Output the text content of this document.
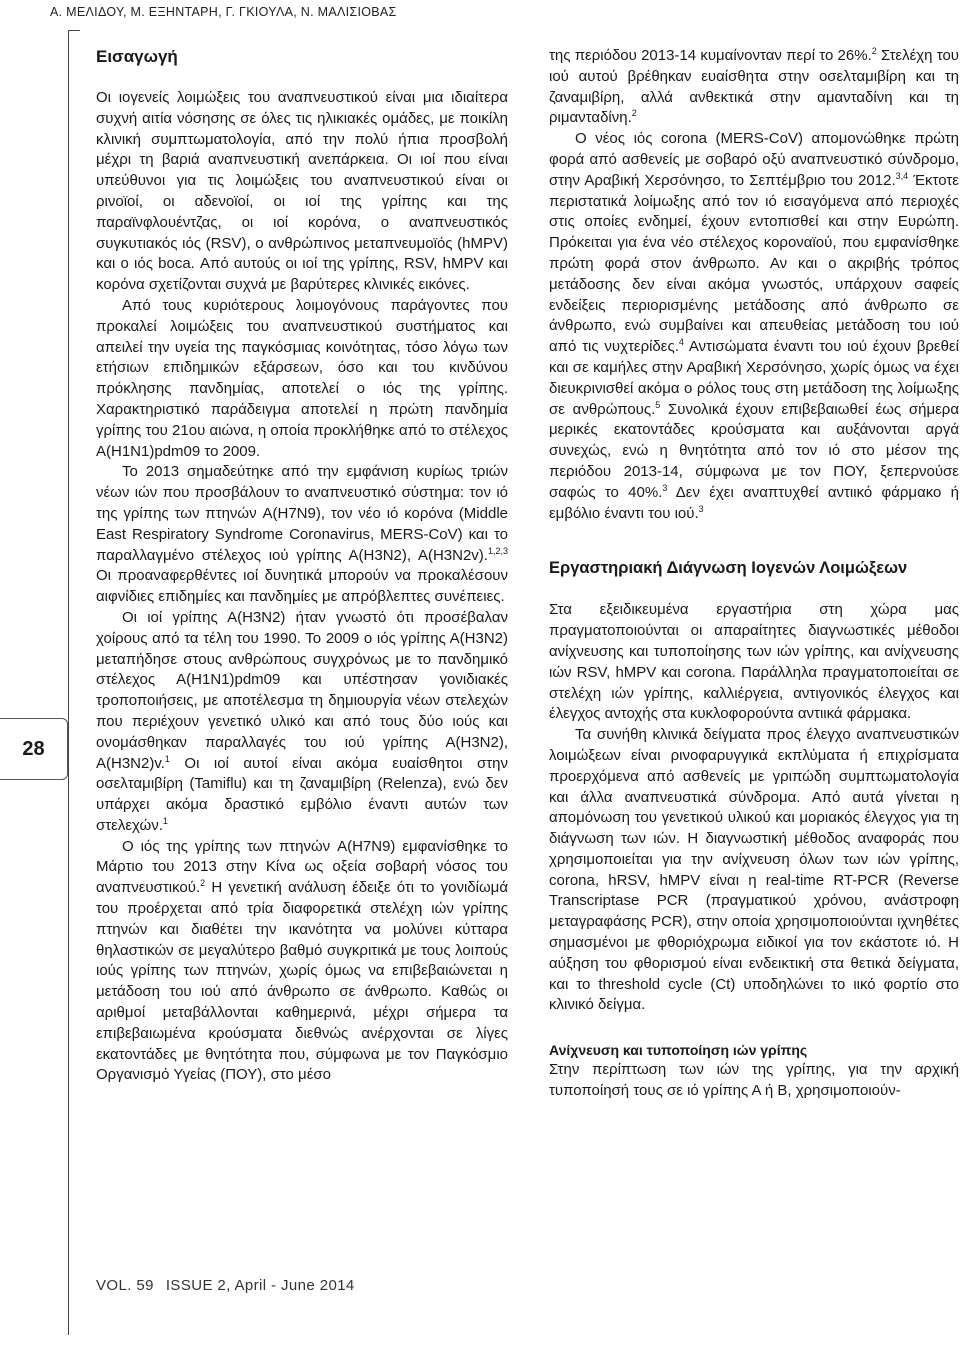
Α. ΜΕΛΙΔΟΥ, Μ. ΕΞΗΝΤΑΡΗ, Γ. ΓΚΙΟΥΛΑ, Ν. ΜΑΛΙΣΙΟΒΑΣ
28
Εισαγωγή

Οι ιογενείς λοιμώξεις του αναπνευστικού είναι μια ιδιαίτερα συχνή αιτία νόσησης σε όλες τις ηλικιακές ομάδες, με ποικίλη κλινική συμπτωματολογία, από την πολύ ήπια προσβολή μέχρι τη βαριά αναπνευστική ανεπάρκεια. Οι ιοί που είναι υπεύθυνοι για τις λοιμώξεις του αναπνευστικού είναι οι ρινοϊοί, οι αδενοϊοί, οι ιοί της γρίπης και της παραϊνφλουέντζας, οι ιοί κορόνα, ο αναπνευστικός συγκυτιακός ιός (RSV), ο ανθρώπινος μεταπνευμοϊός (hMPV) και ο ιός boca. Από αυτούς οι ιοί της γρίπης, RSV, hMPV και κορόνα σχετίζονται συχνά με βαρύτερες κλινικές εικόνες.

Από τους κυριότερους λοιμογόνους παράγοντες που προκαλεί λοιμώξεις του αναπνευστικού συστήματος και απειλεί την υγεία της παγκόσμιας κοινότητας, τόσο λόγω των ετήσιων επιδημικών εξάρσεων, όσο και του κινδύνου πρόκλησης πανδημίας, αποτελεί ο ιός της γρίπης. Χαρακτηριστικό παράδειγμα αποτελεί η πρώτη πανδημία γρίπης του 21ου αιώνα, η οποία προκλήθηκε από το στέλεχος Α(H1N1)pdm09 το 2009.

Το 2013 σημαδεύτηκε από την εμφάνιση κυρίως τριών νέων ιών που προσβάλουν το αναπνευστικό σύστημα: τον ιό της γρίπης των πτηνών A(H7N9), τον νέο ιό κορόνα (Middle East Respiratory Syndrome Coronavirus, MERS-CoV) και το παραλλαγμένο στέλεχος ιού γρίπης Α(Η3Ν2), Α(Η3Ν2v).$^{1,2,3}$ Οι προαναφερθέντες ιοί δυνητικά μπορούν να προκαλέσουν αιφνίδιες επιδημίες και πανδημίες με απρόβλεπτες συνέπειες.

Οι ιοί γρίπης Α(Η3Ν2) ήταν γνωστό ότι προσέβαλαν χοίρους από τα τέλη του 1990. Το 2009 ο ιός γρίπης Α(Η3Ν2) μεταπήδησε στους ανθρώπους συγχρόνως με το πανδημικό στέλεχος Α(Η1Ν1)pdm09 και υπέστησαν γονιδιακές τροποποιήσεις, με αποτέλεσμα τη δημιουργία νέων στελεχών που περιέχουν γενετικό υλικό και από τους δύο ιούς και ονομάσθηκαν παραλλαγές του ιού γρίπης Α(Η3Ν2), Α(Η3Ν2)v.$^1$ Οι ιοί αυτοί είναι ακόμα ευαίσθητοι στην οσελταμιβίρη (Tamiflu) και τη ζαναμιβίρη (Relenza), ενώ δεν υπάρχει ακόμα δραστικό εμβόλιο έναντι αυτών των στελεχών.$^1$

Ο ιός της γρίπης των πτηνών A(H7N9) εμφανίσθηκε το Μάρτιο του 2013 στην Κίνα ως οξεία σοβαρή νόσος του αναπνευστικού.$^2$ Η γενετική ανάλυση έδειξε ότι το γονιδίωμά του προέρχεται από τρία διαφορετικά στελέχη ιών γρίπης πτηνών και διαθέτει την ικανότητα να μολύνει κύτταρα θηλαστικών σε μεγαλύτερο βαθμό συγκριτικά με τους λοιπούς ιούς γρίπης των πτηνών, χωρίς όμως να επιβεβαιώνεται η μετάδοση του ιού από άνθρωπο σε άνθρωπο. Καθώς οι αριθμοί μεταβάλλονται καθημερινά, μέχρι σήμερα τα επιβεβαιωμένα κρούσματα διεθνώς ανέρχονται σε λίγες εκατοντάδες με θνητότητα που, σύμφωνα με τον Παγκόσμιο Οργανισμό Υγείας (ΠΟΥ), στο μέσο

της περιόδου 2013-14 κυμαίνονταν περί το 26%.$^2$ Στελέχη του ιού αυτού βρέθηκαν ευαίσθητα στην οσελταμιβίρη και τη ζαναμιβίρη, αλλά ανθεκτικά στην αμανταδίνη και τη ριμανταδίνη.$^2$

Ο νέος ιός corona (MERS-CoV) απομονώθηκε πρώτη φορά από ασθενείς με σοβαρό οξύ αναπνευστικό σύνδρομο, στην Αραβική Χερσόνησο, το Σεπτέμβριο του 2012.$^{3,4}$ Έκτοτε περιστατικά λοίμωξης από τον ιό εισαγόμενα από περιοχές στις οποίες ενδημεί, έχουν εντοπισθεί και στην Ευρώπη. Πρόκειται για ένα νέο στέλεχος κοροναϊού, που εμφανίσθηκε πρώτη φορά στον άνθρωπο. Αν και ο ακριβής τρόπος μετάδοσης δεν είναι ακόμα γνωστός, υπάρχουν σαφείς ενδείξεις περιορισμένης μετάδοσης από άνθρωπο σε άνθρωπο, ενώ συμβαίνει και απευθείας μετάδοση του ιού από τις νυχτερίδες.$^4$ Αντισώματα έναντι του ιού έχουν βρεθεί και σε καμήλες στην Αραβική Χερσόνησο, χωρίς όμως να έχει διευκρινισθεί ακόμα ο ρόλος τους στη μετάδοση της λοίμωξης σε ανθρώπους.$^5$ Συνολικά έχουν επιβεβαιωθεί έως σήμερα μερικές εκατοντάδες κρούσματα και αυξάνονται αργά συνεχώς, ενώ η θνητότητα από τον ιό στο μέσον της περιόδου 2013-14, σύμφωνα με τον ΠΟΥ, ξεπερνούσε σαφώς το 40%.$^3$ Δεν έχει αναπτυχθεί αντιικό φάρμακο ή εμβόλιο έναντι του ιού.$^3$

Εργαστηριακή Διάγνωση Ιογενών Λοιμώξεων

Στα εξειδικευμένα εργαστήρια στη χώρα μας πραγματοποιούνται οι απαραίτητες διαγνωστικές μέθοδοι ανίχνευσης και τυποποίησης των ιών γρίπης, και ανίχνευσης ιών RSV, hMPV και corona. Παράλληλα πραγματοποιείται σε στελέχη ιών γρίπης, καλλιέργεια, αντιγονικός έλεγχος και έλεγχος αντοχής στα κυκλοφορούντα αντιικά φάρμακα.

Τα συνήθη κλινικά δείγματα προς έλεγχο αναπνευστικών λοιμώξεων είναι ρινοφαρυγγικά εκπλύματα ή επιχρίσματα προερχόμενα από ασθενείς με γριπώδη συμπτωματολογία και άλλα αναπνευστικά σύνδρομα. Από αυτά γίνεται η απομόνωση του γενετικού υλικού και μοριακός έλεγχος για τη διάγνωση των ιών. Η διαγνωστική μέθοδος αναφοράς που χρησιμοποιείται για την ανίχνευση όλων των ιών γρίπης, corona, hRSV, hMPV είναι η real-time RT-PCR (Reverse Transcriptase PCR (πραγματικού χρόνου, ανάστροφη μεταγραφάσης PCR), στην οποία χρησιμοποιούνται ιχνηθέτες σημασμένοι με φθοριόχρωμα ειδικοί για τον εκάστοτε ιό. Η αύξηση του φθορισμού είναι ενδεικτική στα θετικά δείγματα, και το threshold cycle (Ct) υποδηλώνει το ιικό φορτίο στο κλινικό δείγμα.

Ανίχνευση και τυποποίηση ιών γρίπης

Στην περίπτωση των ιών της γρίπης, για την αρχική τυποποίησή τους σε ιό γρίπης Α ή Β, χρησιμοποιούν-

VOL. 59 ISSUE 2, April - June 2014
